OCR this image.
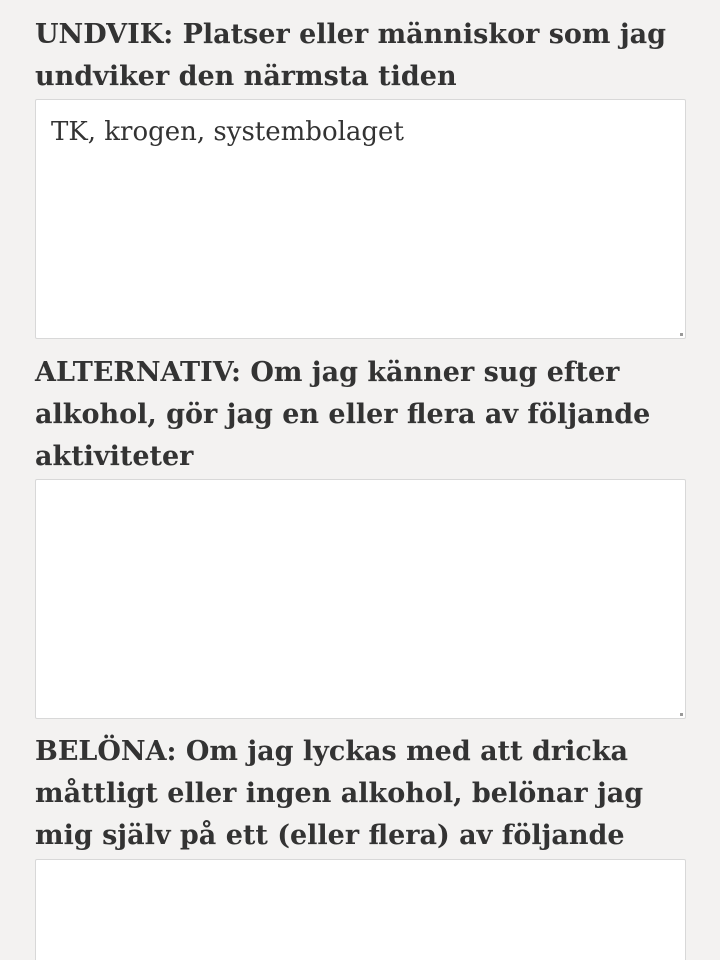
UNDVIK: Platser eller människor som jag undviker den närmsta tiden

TK, krogen, systembolaget

ALTERNATIV: Om jag känner sug efter alkohol, gör jag en eller flera av följande aktiviteter

BELÖNA: Om jag lyckas med att dricka måttligt eller ingen alkohol, belönar jag mig själv på ett (eller flera) av följande
